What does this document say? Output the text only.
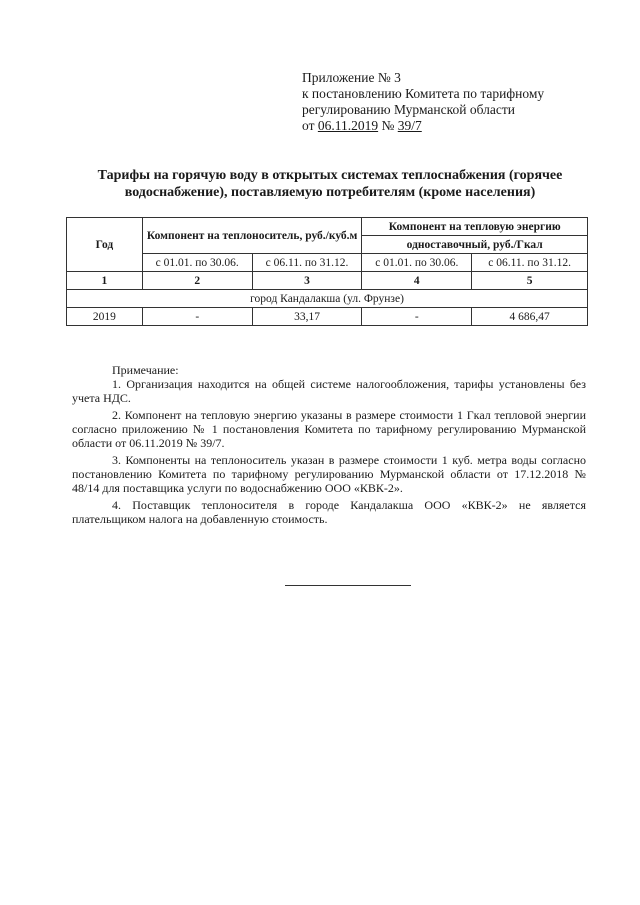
Приложение № 3
к постановлению Комитета по тарифному
регулированию Мурманской области
от 06.11.2019 № 39/7
Тарифы на горячую воду в открытых системах теплоснабжения (горячее водоснабжение), поставляемую потребителям (кроме населения)
Год	Компонент на теплоноситель, руб./куб.м		Компонент на тепловую энергию	
			одноставочный, руб./Гкал	
	с 01.01. по 30.06.	с 06.11. по 31.12.	с 01.01. по 30.06.	с 06.11. по 31.12.
1	2	3	4	5
город Кандалакша (ул. Фрунзе)				
2019	-	33,17	-	4 686,47
Примечание:

1. Организация находится на общей системе налогообложения, тарифы установлены без учета НДС.

2. Компонент на тепловую энергию указаны в размере стоимости 1 Гкал тепловой энергии согласно приложению № 1 постановления Комитета по тарифному регулированию Мурманской области от 06.11.2019 № 39/7.

3. Компоненты на теплоноситель указан в размере стоимости 1 куб. метра воды согласно постановлению Комитета по тарифному регулированию Мурманской области от 17.12.2018 № 48/14 для поставщика услуги по водоснабжению ООО «КВК-2».

4. Поставщик теплоносителя в городе Кандалакша ООО «КВК-2» не является плательщиком налога на добавленную стоимость.
